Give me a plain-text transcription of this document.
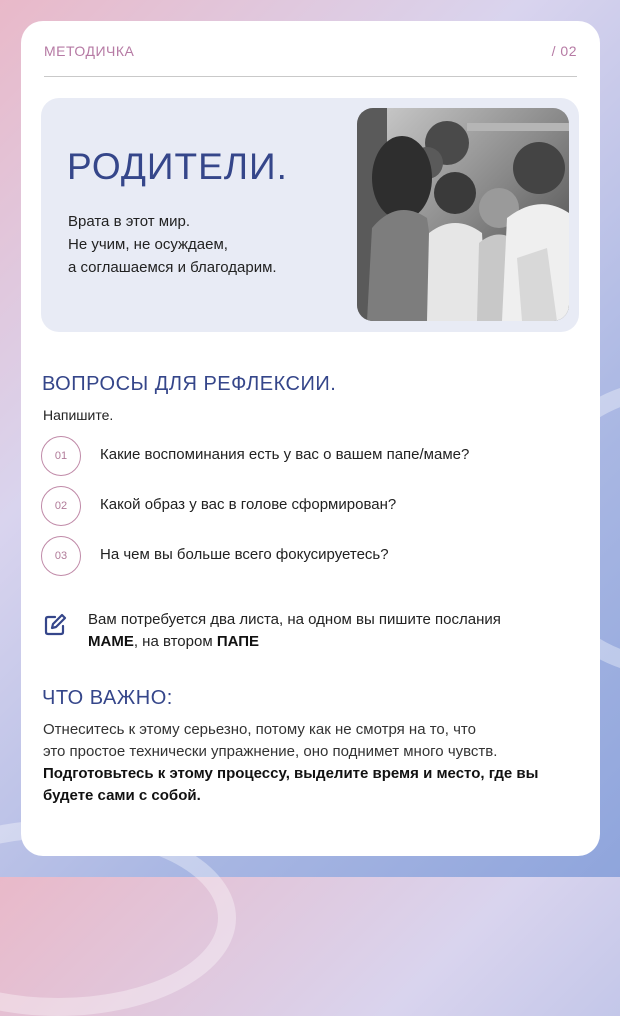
МЕТОДИЧКА	/ 02
РОДИТЕЛИ.
Врата в этот мир.
Не учим, не осуждаем,
а соглашаемся и благодарим.
ВОПРОСЫ ДЛЯ РЕФЛЕКСИИ.
Напишите.
01	Какие воспоминания есть у вас о вашем папе/маме?
02	Какой образ у вас в голове сформирован?
03	На чем вы больше всего фокусируетесь?
Вам потребуется два листа, на одном вы пишите послания
МАМЕ, на втором ПАПЕ
ЧТО ВАЖНО:
Отнеситесь к этому серьезно, потому как не смотря на то, что
это простое технически упражнение, оно поднимет много чувств.
Подготовьтесь к этому процессу, выделите время и место, где вы
будете сами с собой.
